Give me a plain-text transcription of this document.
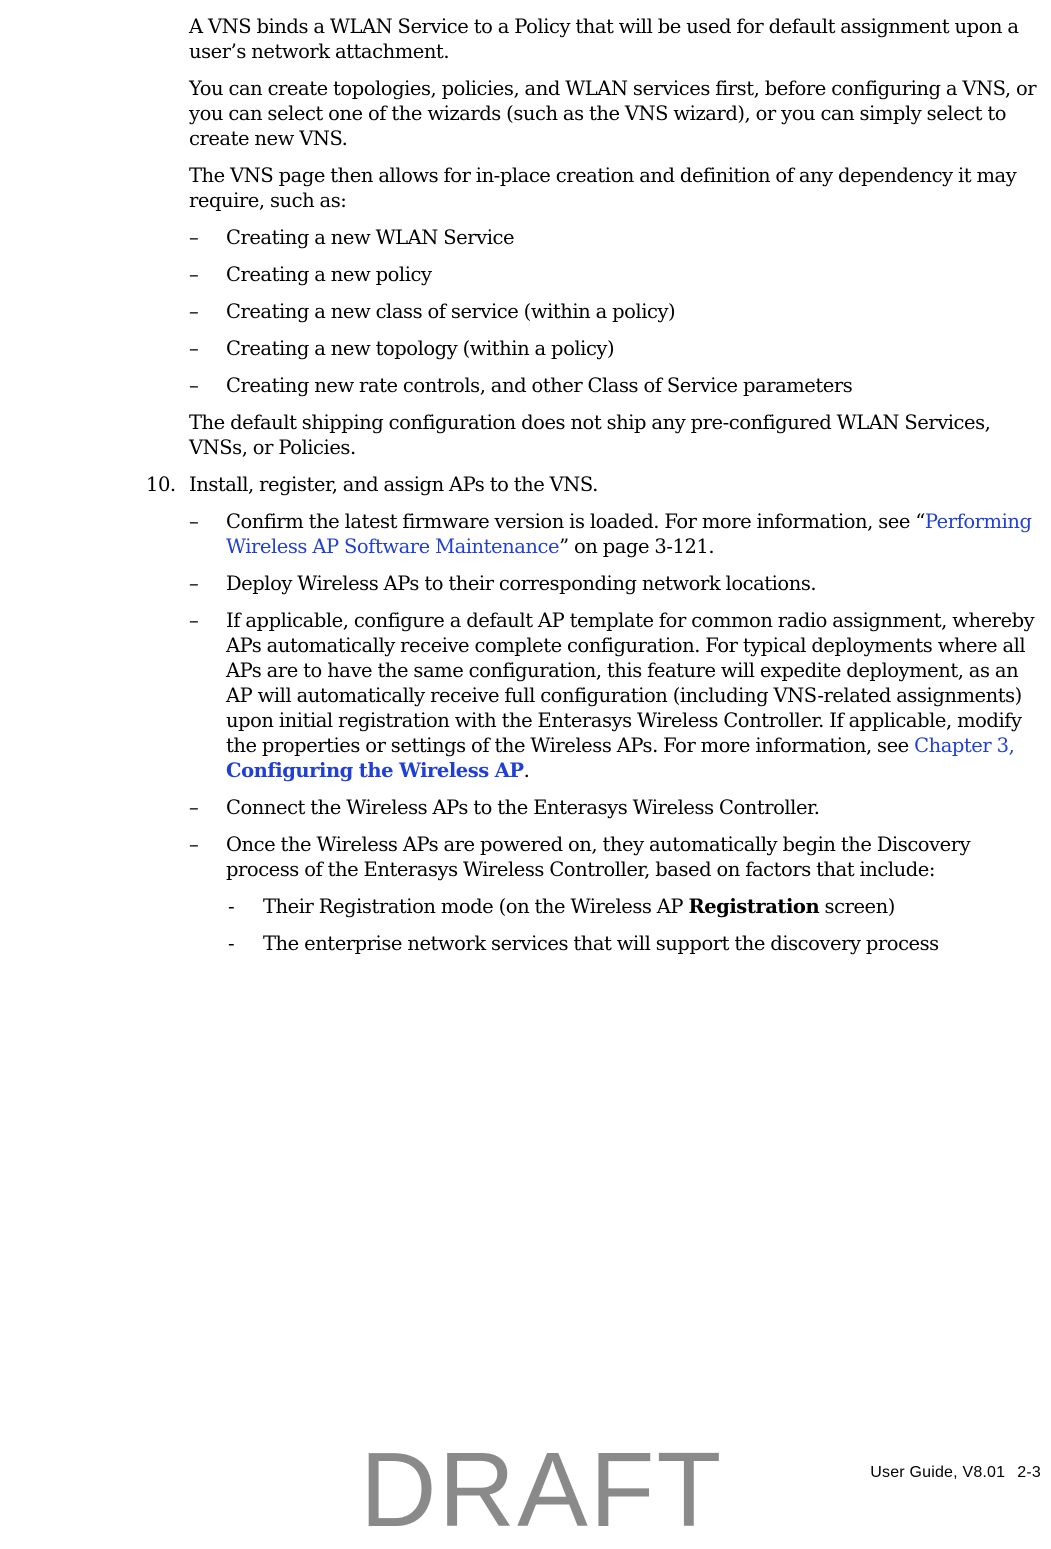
A VNS binds a WLAN Service to a Policy that will be used for default assignment upon a user’s network attachment.

You can create topologies, policies, and WLAN services first, before configuring a VNS, or you can select one of the wizards (such as the VNS wizard), or you can simply select to create new VNS.

The VNS page then allows for in-place creation and definition of any dependency it may require, such as:

– Creating a new WLAN Service
– Creating a new policy
– Creating a new class of service (within a policy)
– Creating a new topology (within a policy)
– Creating new rate controls, and other Class of Service parameters

The default shipping configuration does not ship any pre-configured WLAN Services, VNSs, or Policies.

10. Install, register, and assign APs to the VNS.
– Confirm the latest firmware version is loaded. For more information, see “Performing Wireless AP Software Maintenance” on page 3-121.
– Deploy Wireless APs to their corresponding network locations.
– If applicable, configure a default AP template for common radio assignment, whereby APs automatically receive complete configuration. For typical deployments where all APs are to have the same configuration, this feature will expedite deployment, as an AP will automatically receive full configuration (including VNS-related assignments) upon initial registration with the Enterasys Wireless Controller. If applicable, modify the properties or settings of the Wireless APs. For more information, see Chapter 3, Configuring the Wireless AP.
– Connect the Wireless APs to the Enterasys Wireless Controller.
– Once the Wireless APs are powered on, they automatically begin the Discovery process of the Enterasys Wireless Controller, based on factors that include:
- Their Registration mode (on the Wireless AP Registration screen)
- The enterprise network services that will support the discovery process
DRAFT	User Guide, V8.01 2-3
